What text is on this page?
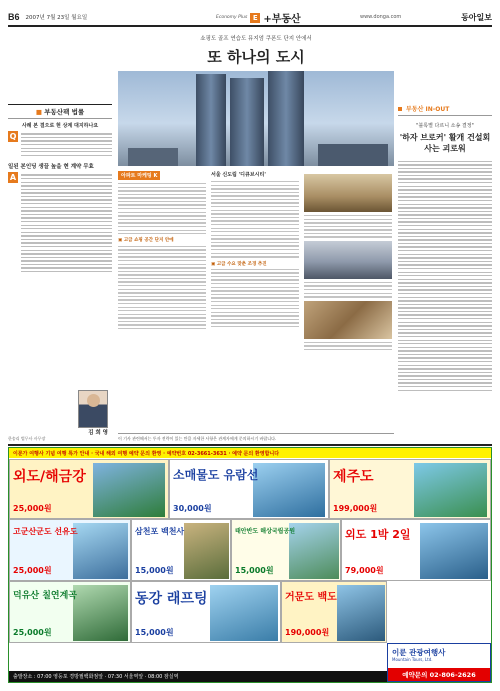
B6 2007년 7월 23일 월요일	Economy Plus E +부동산	www.donga.com	동아일보
■ 부동산팩 법률
사례 본 결으로 현 상계 대지하나요
Q
일된 본인딩 생끌 높을 현 계약 무효
A
김 희 영
한송리 법무사 사무장
쇼핑도 골프 연습도 뮤지엄 쿠폰도 단지 안에서
또 하나의 도시
아파트 마케팅 K
▣ 고급 쇼핑 공간 단지 안에
서울 신도림 '디큐브시티'
▣ 고급 수요 맞춘 조경 추진
이 기사 관련해서는 투자 전략이 있는 만큼 자세한 사항은 관계자에게 문의하시기 바랍니다.
부동산 IN-OUT
"블록별 다르니 소송 결정"
'하자 브로커' 활개 건설회사는 괴로워
이룬가 여행사 기념 여행 특가 안내 · 국내 해외 여행 예약 문의 환영 · 예약번호 02-3661-3631 · 예약 문의 환영합니다
외도/해금강
25,000원
소매물도 유람선
30,000원
제주도
199,000원
고군산군도 선유도
25,000원
삼천포 백천사
15,000원
태안반도 해상국립공원
15,000원
외도 1박 2일
79,000원
덕유산 칠연계곡
25,000원
동강 래프팅
15,000원
거문도 백도
190,000원
출발장소 : 07:00 영등포 경방필백화점앞 · 07:30 서울역앞 · 08:00 잠실역
이룬 관광여행사
Mountain Tours, Ltd.
예약문의 02-806-2626
